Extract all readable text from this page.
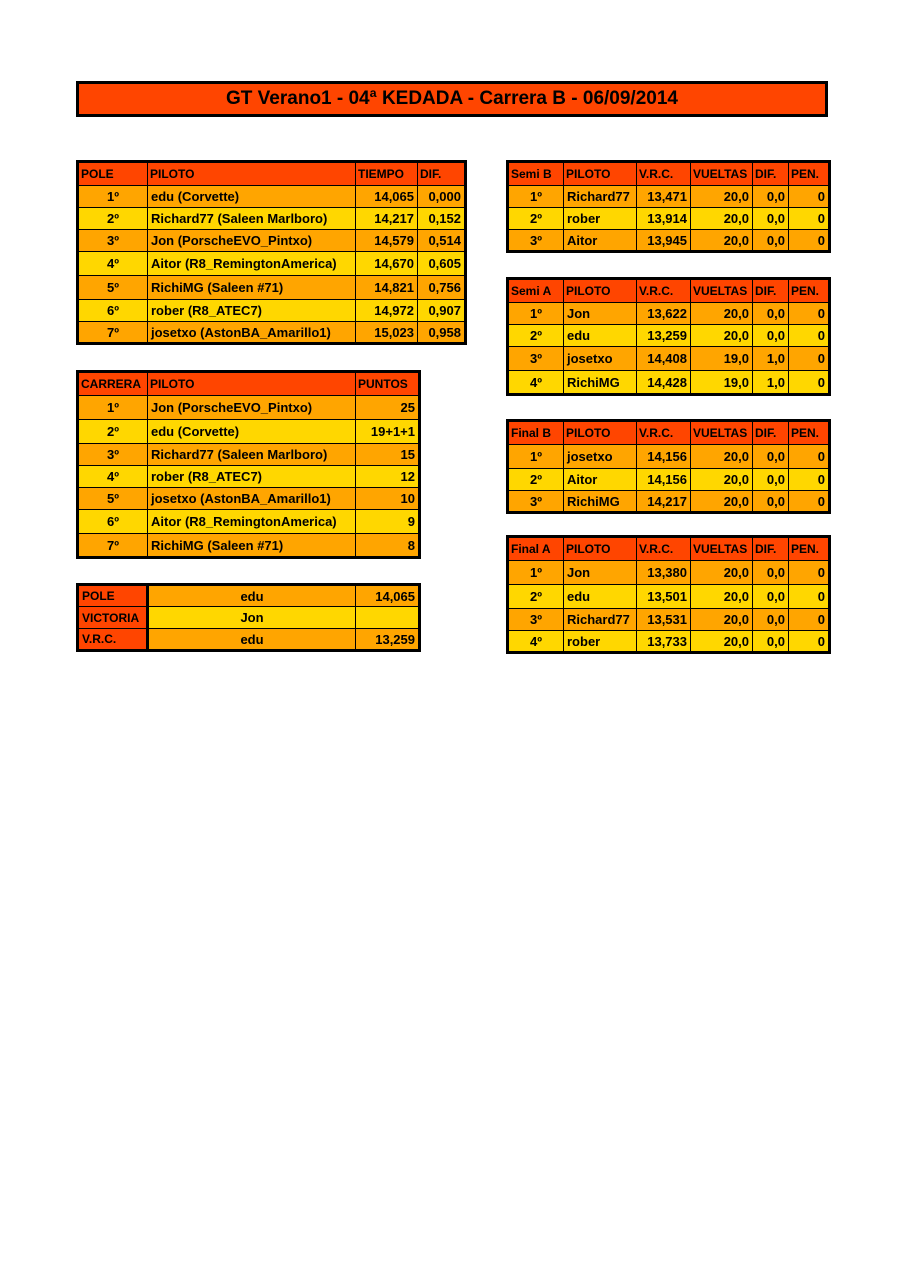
GT Verano1 - 04ª KEDADA - Carrera B - 06/09/2014
POLE	PILOTO	TIEMPO	DIF.
1º	edu (Corvette)	14,065	0,000
2º	Richard77 (Saleen Marlboro)	14,217	0,152
3º	Jon (PorscheEVO_Pintxo)	14,579	0,514
4º	Aitor (R8_RemingtonAmerica)	14,670	0,605
5º	RichiMG (Saleen #71)	14,821	0,756
6º	rober (R8_ATEC7)	14,972	0,907
7º	josetxo (AstonBA_Amarillo1)	15,023	0,958
CARRERA	PILOTO	PUNTOS
1º	Jon (PorscheEVO_Pintxo)	25
2º	edu (Corvette)	19+1+1
3º	Richard77 (Saleen Marlboro)	15
4º	rober (R8_ATEC7)	12
5º	josetxo (AstonBA_Amarillo1)	10
6º	Aitor (R8_RemingtonAmerica)	9
7º	RichiMG (Saleen #71)	8
POLE	edu	14,065
VICTORIA	Jon	
V.R.C.	edu	13,259
Semi B	PILOTO	V.R.C.	VUELTAS	DIF.	PEN.
1º	Richard77	13,471	20,0	0,0	0
2º	rober	13,914	20,0	0,0	0
3º	Aitor	13,945	20,0	0,0	0
Semi A	PILOTO	V.R.C.	VUELTAS	DIF.	PEN.
1º	Jon	13,622	20,0	0,0	0
2º	edu	13,259	20,0	0,0	0
3º	josetxo	14,408	19,0	1,0	0
4º	RichiMG	14,428	19,0	1,0	0
Final B	PILOTO	V.R.C.	VUELTAS	DIF.	PEN.
1º	josetxo	14,156	20,0	0,0	0
2º	Aitor	14,156	20,0	0,0	0
3º	RichiMG	14,217	20,0	0,0	0
Final A	PILOTO	V.R.C.	VUELTAS	DIF.	PEN.
1º	Jon	13,380	20,0	0,0	0
2º	edu	13,501	20,0	0,0	0
3º	Richard77	13,531	20,0	0,0	0
4º	rober	13,733	20,0	0,0	0
